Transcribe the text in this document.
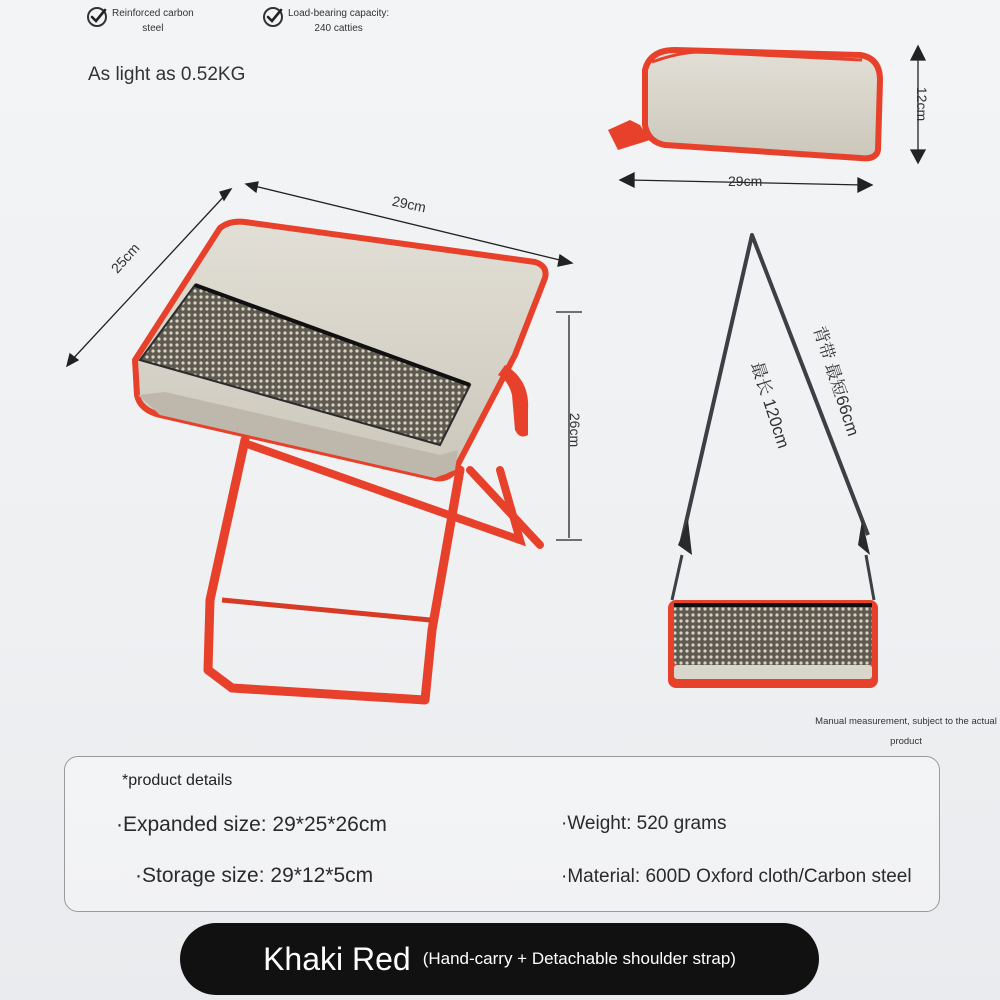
Reinforced carbon
steel
Load-bearing capacity:
240 catties
As light as 0.52KG
29cm
25cm
26cm
12cm
29cm
背带 最短66cm
最长 120cm
Manual measurement, subject to the actual
product
*product details
·Expanded size: 29*25*26cm
·Storage size: 29*12*5cm
·Weight: 520 grams
·Material: 600D Oxford cloth/Carbon steel
Khaki Red (Hand-carry + Detachable shoulder strap)
